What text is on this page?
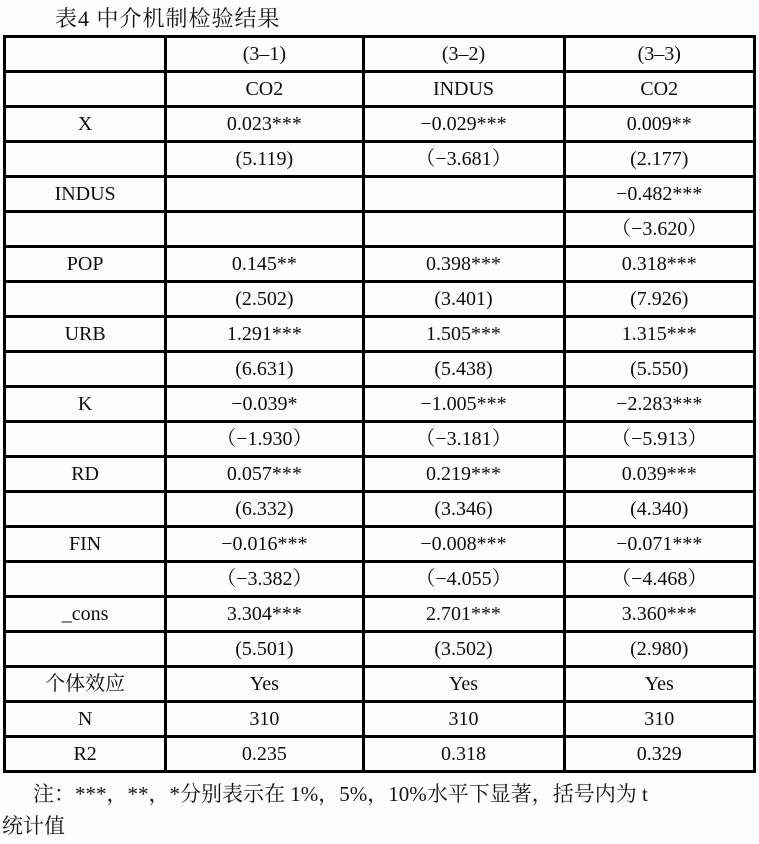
表4 中介机制检验结果
	(3–1)	(3–2)	(3–3)
	CO2	INDUS	CO2
X	0.023***	−0.029***	0.009**
	(5.119)	（−3.681）	(2.177)
INDUS			−0.482***
			（−3.620）
POP	0.145**	0.398***	0.318***
	(2.502)	(3.401)	(7.926)
URB	1.291***	1.505***	1.315***
	(6.631)	(5.438)	(5.550)
K	−0.039*	−1.005***	−2.283***
	（−1.930）	（−3.181）	（−5.913）
RD	0.057***	0.219***	0.039***
	(6.332)	(3.346)	(4.340)
FIN	−0.016***	−0.008***	−0.071***
	（−3.382）	（−4.055）	（−4.468）
_cons	3.304***	2.701***	3.360***
	(5.501)	(3.502)	(2.980)
个体效应	Yes	Yes	Yes
N	310	310	310
R2	0.235	0.318	0.329
注：***，**，*分别表示在 1%，5%，10%水平下显著，括号内为 t
统计值
